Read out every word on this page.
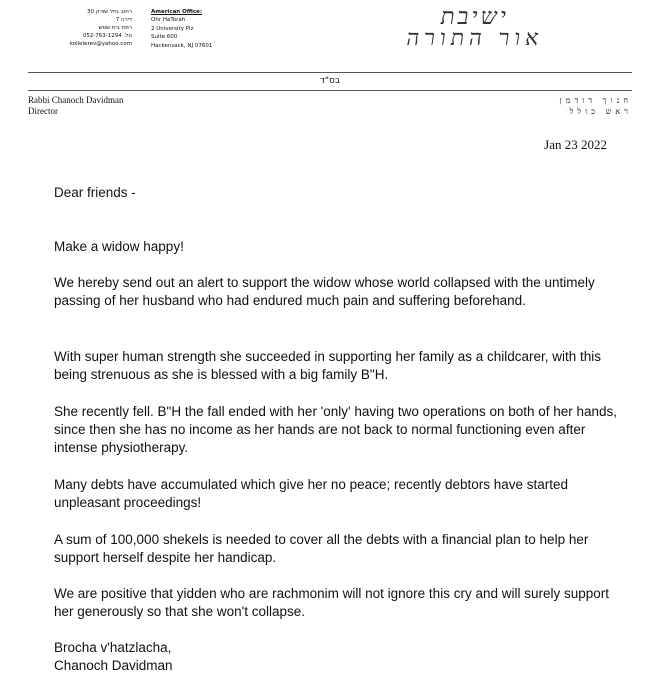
רחוב נחל שורק 30
דירה 7
רמת בית שמש
052-763-1294 .טל
kollelerev@yahoo.com
American Office:
Ohr HaTorah
2 University Plz
Suite 600
Hackensack, NJ 07601
ישיבת
אור התורה
בס"ד
Rabbi Chanoch Davidman
Director
חנוך דודמן
ראש כולל
Jan 23 2022

Dear friends -

Make a widow happy!

We hereby send out an alert to support the widow whose world collapsed with the untimely passing of her husband who had endured much pain and suffering beforehand.

With super human strength she succeeded in supporting her family as a childcarer, with this being strenuous as she is blessed with a big family B"H.

She recently fell. B"H the fall ended with her 'only' having two operations on both of her hands, since then she has no income as her hands are not back to normal functioning even after intense physiotherapy.

Many debts have accumulated which give her no peace; recently debtors have started unpleasant proceedings!

A sum of 100,000 shekels is needed to cover all the debts with a financial plan to help her support herself despite her handicap.

We are positive that yidden who are rachmonim will not ignore this cry and will surely support her generously so that she won't collapse.

Brocha v'hatzlacha,
Chanoch Davidman
